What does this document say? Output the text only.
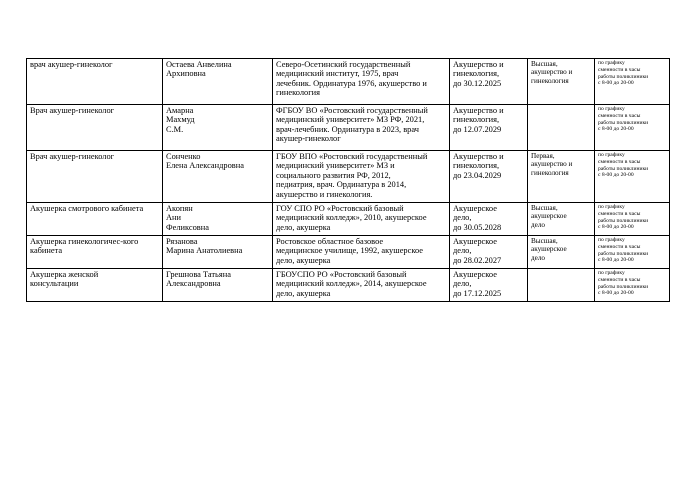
врач акушер-гинеколог	Остаева Анвелина
Архиповна	Северо-Осетинский государственный
медицинский институт, 1975, врач
лечебник. Ординатура 1976, акушерство и
гинекология	Акушерство и
гинекология,
до 30.12.2025	Высшая,
акушерство и
гинекология	по графику
сменности в часы
работы поликлиники
с 8-00 до 20-00

Врач акушер-гинеколог	Амарна
Махмуд
С.М.	ФГБОУ ВО «Ростовский государственный
медицинский университет» МЗ РФ, 2021,
врач-лечебник. Ординатура в 2023, врач
акушер-гинеколог	Акушерство и
гинекология,
до 12.07.2029		по графику
сменности в часы
работы поликлиники
с 8-00 до 20-00

Врач акушер-гинеколог	Сонченко
Елена Александровна	ГБОУ ВПО «Ростовский государственный
медицинский университет» МЗ и
социального развития РФ, 2012,
педиатрия, врач. Ординатура в 2014,
акушерство и гинекология.	Акушерство и
гинекология,
до 23.04.2029	Первая,
акушерство и
гинекология	по графику
сменности в часы
работы поликлиники
с 8-00 до 20-00

Акушерка смотрового кабинета	Акопян
Ани
Феликсовна	ГОУ СПО РО «Ростовский базовый
медицинский колледж», 2010, акушерское
дело, акушерка	Акушерское
дело,
до 30.05.2028	Высшая,
акушерское
дело	по графику
сменности в часы
работы поликлиники
с 8-00 до 20-00

Акушерка гинекологичес-кого
кабинета	Рязанова
Марина Анатолиевна	Ростовское областное базовое
медицинское училище, 1992, акушерское
дело, акушерка	Акушерское
дело,
до 28.02.2027	Высшая,
акушерское
дело	по графику
сменности в часы
работы поликлиники
с 8-00 до 20-00

Акушерка женской
консультации	Грешнова Татьяна
Александровна	ГБОУСПО РО «Ростовский базовый
медицинский колледж», 2014, акушерское
дело, акушерка	Акушерское
дело,
до 17.12.2025		по графику
сменности в часы
работы поликлиники
с 8-00 до 20-00
